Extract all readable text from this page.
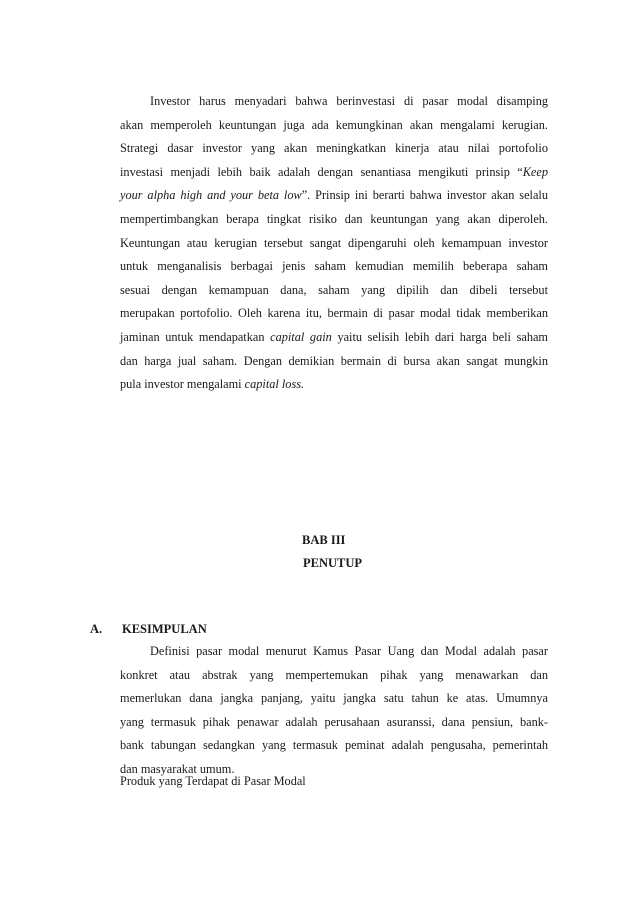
Investor harus menyadari bahwa berinvestasi di pasar modal disamping

akan memperoleh keuntungan juga ada kemungkinan akan mengalami kerugian.

Strategi dasar investor yang akan meningkatkan kinerja atau nilai portofolio

investasi menjadi lebih baik adalah dengan senantiasa mengikuti prinsip “Keep

your alpha high and your beta low”. Prinsip ini berarti bahwa investor akan selalu

mempertimbangkan berapa tingkat risiko dan keuntungan yang akan diperoleh.

Keuntungan atau kerugian tersebut sangat dipengaruhi oleh kemampuan investor

untuk menganalisis berbagai jenis saham kemudian memilih beberapa saham

sesuai dengan kemampuan dana, saham yang dipilih dan dibeli tersebut

merupakan portofolio. Oleh karena itu, bermain di pasar modal tidak memberikan

jaminan untuk mendapatkan capital gain yaitu selisih lebih dari harga beli saham

dan harga jual saham. Dengan demikian bermain di bursa akan sangat mungkin

pula investor mengalami capital loss.

BAB III
PENUTUP
A. KESIMPULAN

Definisi pasar modal menurut Kamus Pasar Uang dan Modal adalah pasar

konkret atau abstrak yang mempertemukan pihak yang menawarkan dan

memerlukan dana jangka panjang, yaitu jangka satu tahun ke atas. Umumnya

yang termasuk pihak penawar adalah perusahaan asuranssi, dana pensiun, bank-

bank tabungan sedangkan yang termasuk peminat adalah pengusaha, pemerintah

dan masyarakat umum.

Produk yang Terdapat di Pasar Modal
